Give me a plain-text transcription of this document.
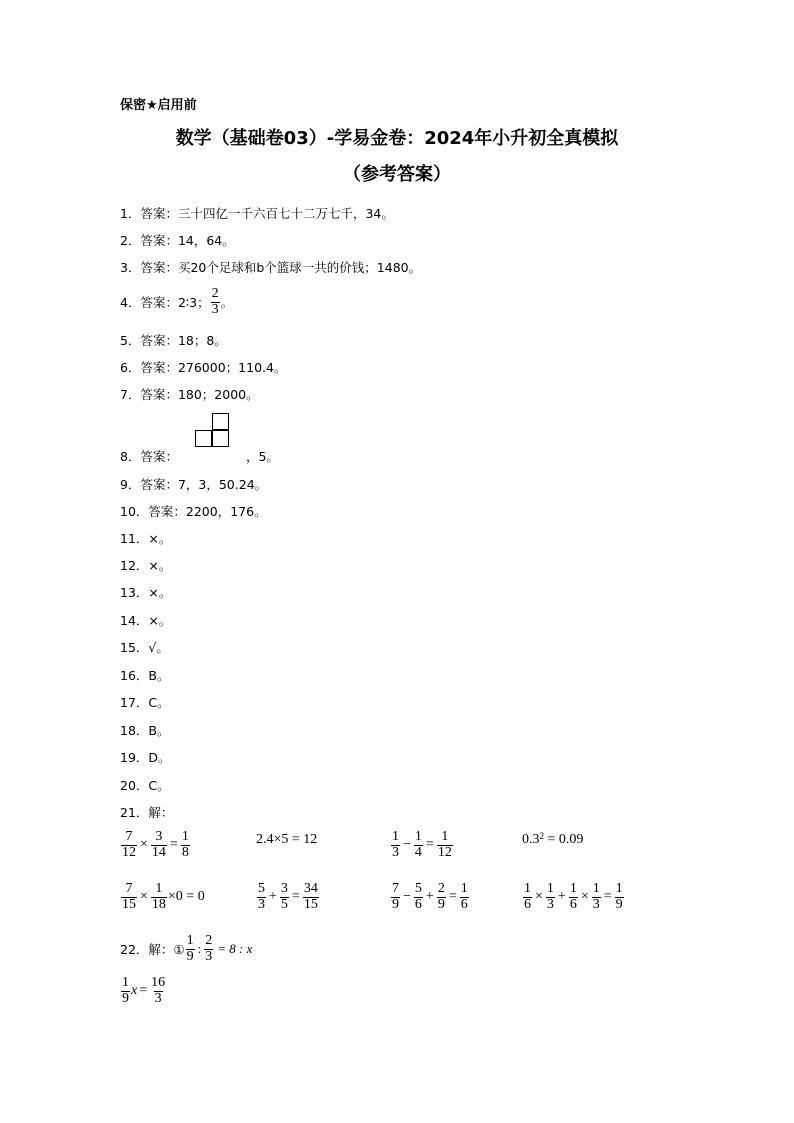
保密★启用前
数学（基础卷03）-学易金卷：2024年小升初全真模拟
（参考答案）
1．答案：三十四亿一千六百七十二万七千，34。
2．答案：14，64。
3．答案：买20个足球和b个篮球一共的价钱；1480。
4．答案：2∶3； $\frac{2}{3}$ 。
5．答案：18；8。
6．答案：276000；110.4。
7．答案：180；2000。
8．答案：	，5。
9．答案：7，3，50.24。
10．答案：2200，176。
11．×。
12．×。
13．×。
14．×。
15．√。
16．B。
17．C。
18．B。
19．D。
20．C。
21．解：
$\frac{7}{12} \times \frac{3}{14} = \frac{1}{8}$	2.4×5 = 12	$\frac{1}{3} - \frac{1}{4} = \frac{1}{12}$	$0.3^2 = 0.09$
$\frac{7}{15} \times \frac{1}{18} \times 0 = 0$	$\frac{5}{3} + \frac{3}{5} = \frac{34}{15}$	$\frac{7}{9} - \frac{5}{6} + \frac{2}{9} = \frac{1}{6}$	$\frac{1}{6} \times \frac{1}{3} + \frac{1}{6} \times \frac{1}{3} = \frac{1}{9}$
22．解：① $\frac{1}{9}$ : $\frac{2}{3} = 8$ : x
$\frac{1}{9}$ $x = \frac{16}{3}$
